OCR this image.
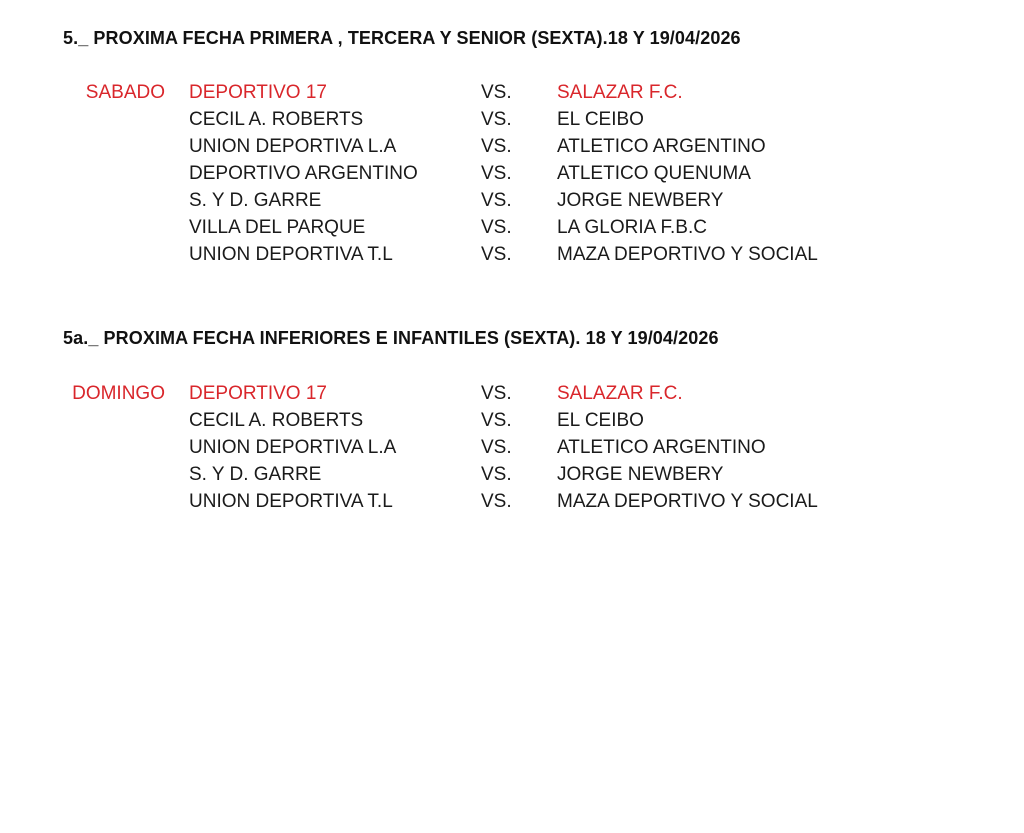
5._ PROXIMA FECHA PRIMERA , TERCERA Y SENIOR (SEXTA).18 Y 19/04/2026
SABADO DEPORTIVO 17	VS. SALAZAR F.C.
CECIL A. ROBERTS	VS. EL CEIBO
UNION DEPORTIVA L.A	VS. ATLETICO ARGENTINO
DEPORTIVO ARGENTINO	VS. ATLETICO QUENUMA
S. Y D. GARRE	VS. JORGE NEWBERY
VILLA DEL PARQUE	VS. LA GLORIA F.B.C
UNION DEPORTIVA T.L	VS. MAZA DEPORTIVO Y SOCIAL
5a._ PROXIMA FECHA INFERIORES E INFANTILES (SEXTA). 18 Y 19/04/2026
DOMINGO DEPORTIVO 17	VS. SALAZAR F.C.
CECIL A. ROBERTS	VS. EL CEIBO
UNION DEPORTIVA L.A	VS. ATLETICO ARGENTINO
S. Y D. GARRE	VS. JORGE NEWBERY
UNION DEPORTIVA T.L	VS. MAZA DEPORTIVO Y SOCIAL
